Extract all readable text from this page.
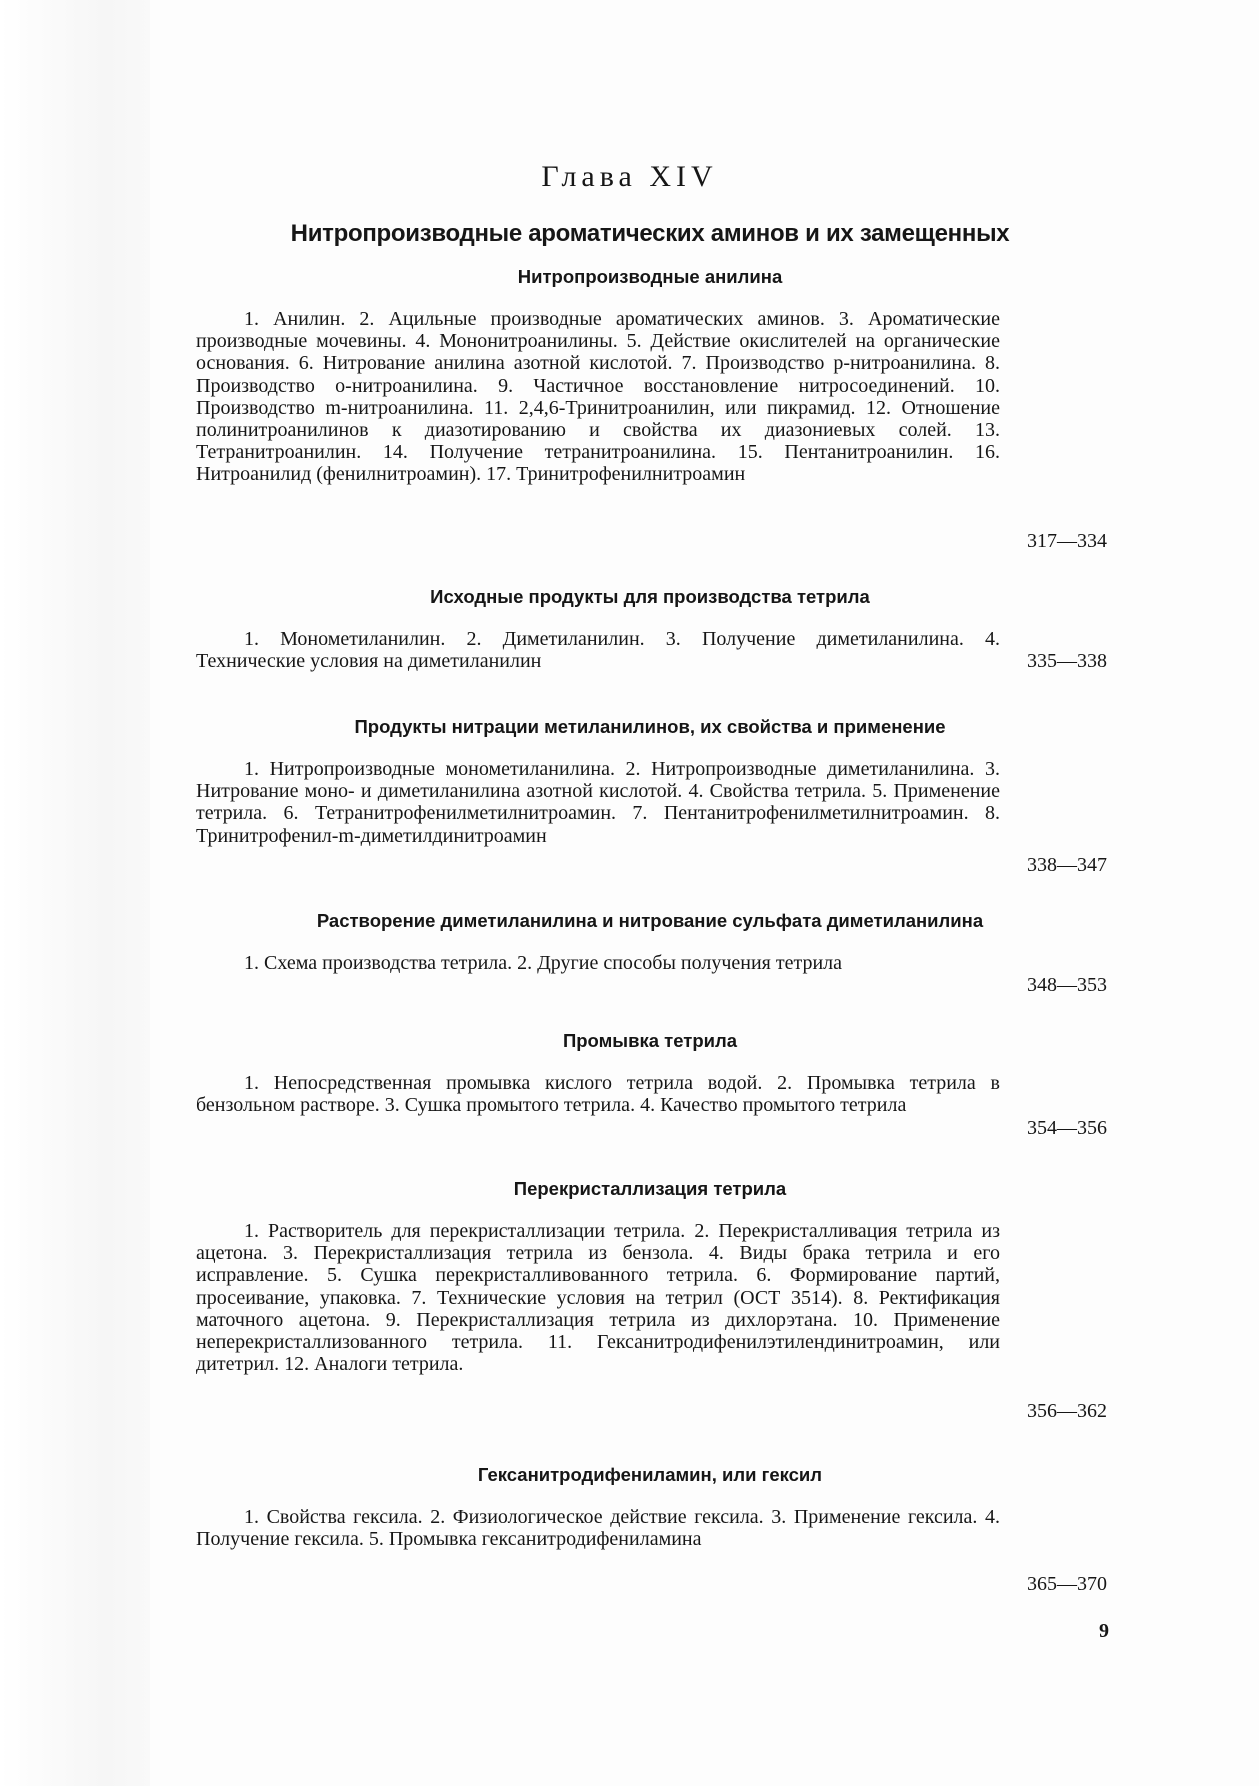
Глава XIV
Нитропроизводные ароматических аминов и их замещенных
Нитропроизводные анилина
1. Анилин. 2. Ацильные производные ароматических аминов. 3. Ароматические производные мочевины. 4. Мононитроанилины. 5. Действие окислителей на органические основания. 6. Нитрование анилина азотной кислотой. 7. Производство p-нитроанилина. 8. Производство o-нитроанилина. 9. Частичное восстановление нитросоединений. 10. Производство m-нитроанилина. 11. 2,4,6-Тринитроанилин, или пикрамид. 12. Отношение полинитроанилинов к диазотированию и свойства их диазониевых солей. 13. Тетранитроанилин. 14. Получение тетранитроанилина. 15. Пентанитроанилин. 16. Нитроанилид (фенилнитроамин). 17. Тринитрофенилнитроамин
317—334
Исходные продукты для производства тетрила
1. Монометиланилин. 2. Диметиланилин. 3. Получение диметиланилина. 4. Технические условия на диметиланилин	335—338
Продукты нитрации метиланилинов, их свойства и применение
1. Нитропроизводные монометиланилина. 2. Нитропроизводные диметиланилина. 3. Нитрование моно- и диметиланилина азотной кислотой. 4. Свойства тетрила. 5. Применение тетрила. 6. Тетранитрофенилметилнитроамин. 7. Пентанитрофенилметилнитроамин. 8. Тринитрофенил-m-диметилдинитроамин
338—347
Растворение диметиланилина и нитрование сульфата диметиланилина
1. Схема производства тетрила. 2. Другие способы получения тетрила
348—353
Промывка тетрила
1. Непосредственная промывка кислого тетрила водой. 2. Промывка тетрила в бензольном растворе. 3. Сушка промытого тетрила. 4. Качество промытого тетрила
354—356
Перекристаллизация тетрила
1. Растворитель для перекристаллизации тетрила. 2. Перекристалливация тетрила из ацетона. 3. Перекристаллизация тетрила из бензола. 4. Виды брака тетрила и его исправление. 5. Сушка перекристалливованного тетрила. 6. Формирование партий, просеивание, упаковка. 7. Технические условия на тетрил (ОСТ 3514). 8. Ректификация маточного ацетона. 9. Перекристаллизация тетрила из дихлорэтана. 10. Применение неперекристаллизованного тетрила. 11. Гексанитродифенилэтилендинитроамин, или дитетрил. 12. Аналоги тетрила.
356—362
Гексанитродифениламин, или гексил
1. Свойства гексила. 2. Физиологическое действие гексила. 3. Применение гексила. 4. Получение гексила. 5. Промывка гексанитродифениламина
365—370
9
